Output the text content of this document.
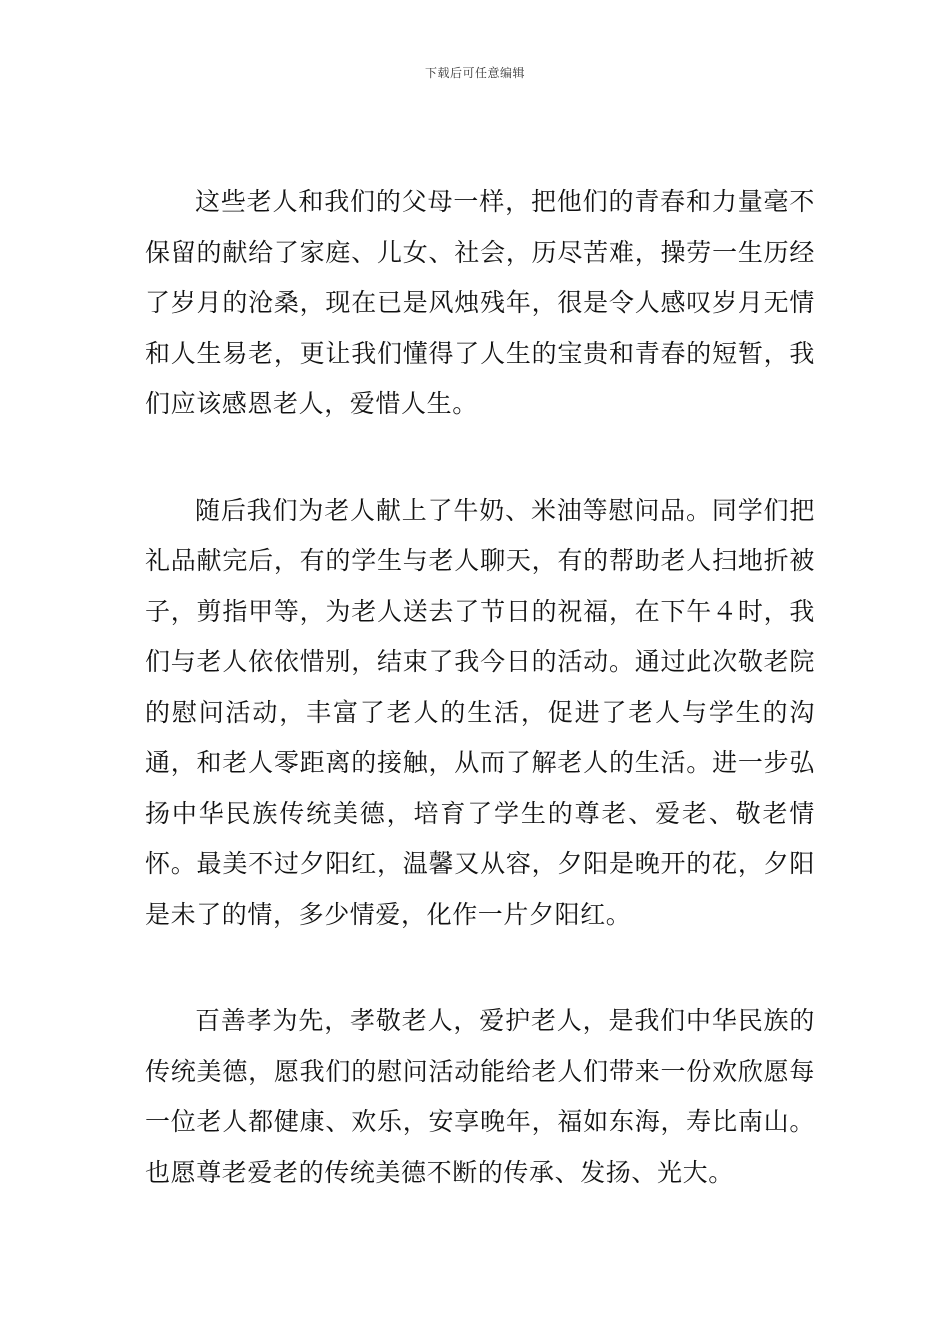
下载后可任意编辑

这些老人和我们的父母一样，把他们的青春和力量毫不保留的献给了家庭、儿女、社会，历尽苦难，操劳一生历经了岁月的沧桑，现在已是风烛残年，很是令人感叹岁月无情和人生易老，更让我们懂得了人生的宝贵和青春的短暂，我们应该感恩老人，爱惜人生。

随后我们为老人献上了牛奶、米油等慰问品。同学们把礼品献完后，有的学生与老人聊天，有的帮助老人扫地折被子，剪指甲等，为老人送去了节日的祝福，在下午４时，我们与老人依依惜别，结束了我今日的活动。通过此次敬老院的慰问活动，丰富了老人的生活，促进了老人与学生的沟通，和老人零距离的接触，从而了解老人的生活。进一步弘扬中华民族传统美德，培育了学生的尊老、爱老、敬老情怀。最美不过夕阳红，温馨又从容，夕阳是晚开的花，夕阳是未了的情，多少情爱，化作一片夕阳红。

百善孝为先，孝敬老人，爱护老人，是我们中华民族的传统美德，愿我们的慰问活动能给老人们带来一份欢欣愿每一位老人都健康、欢乐，安享晚年，福如东海，寿比南山。也愿尊老爱老的传统美德不断的传承、发扬、光大。
